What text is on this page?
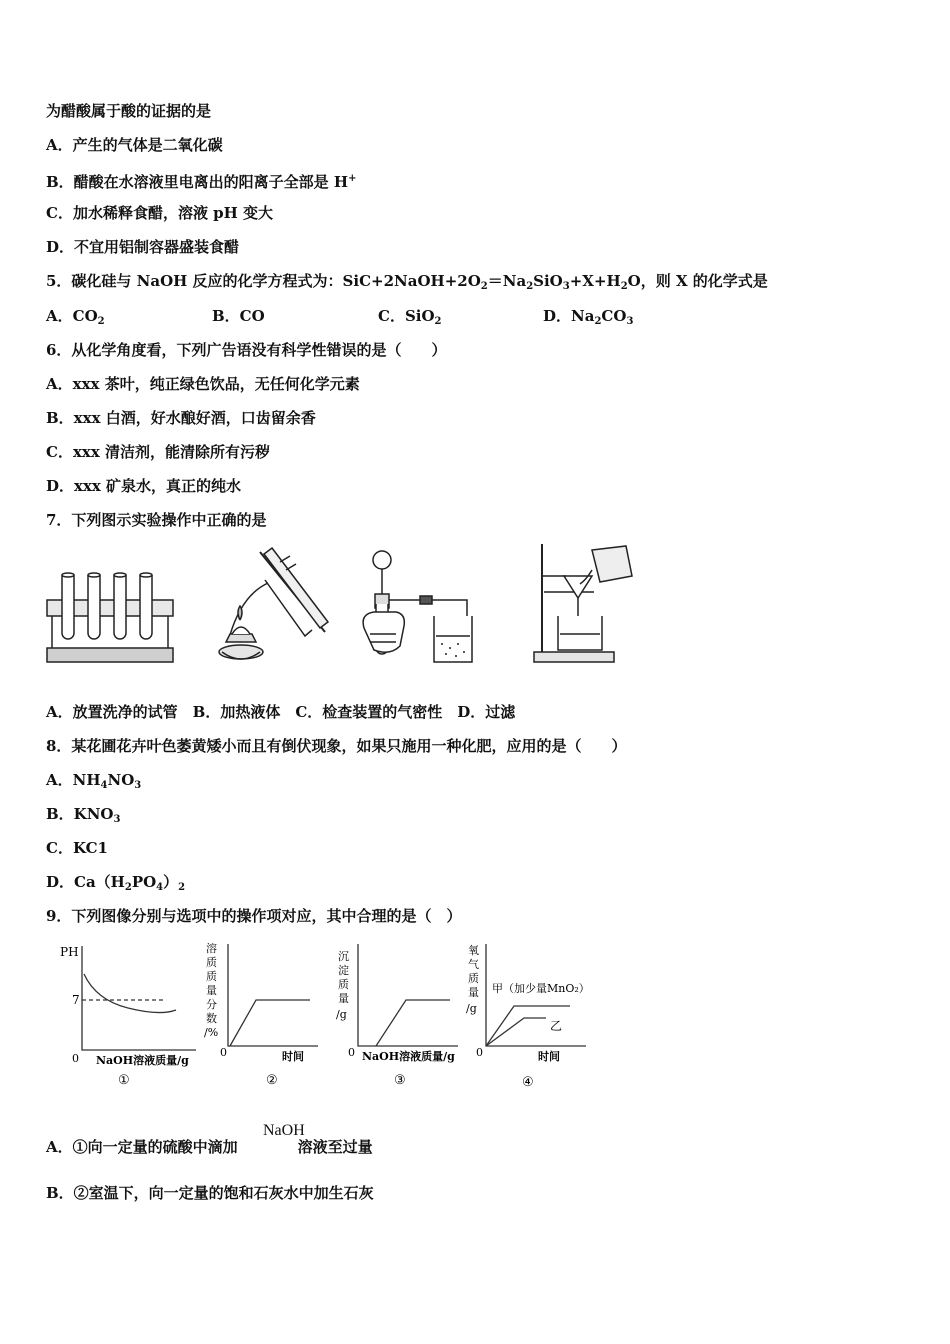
为醋酸属于酸的证据的是
A．产生的气体是二氧化碳
B．醋酸在水溶液里电离出的阳离子全部是 H+
C．加水稀释食醋，溶液 pH 变大
D．不宜用铝制容器盛装食醋
5．碳化硅与 NaOH 反应的化学方程式为：$SiC+2NaOH+2O_2=Na_2SiO_3+X+H_2O$，则 X 的化学式是
A．$CO_2$	B．CO	C．SiO$_2$	D．$Na_2CO_3$
6．从化学角度看，下列广告语没有科学性错误的是（　　）
A．xxx 茶叶，纯正绿色饮品，无任何化学元素
B．xxx 白酒，好水酿好酒，口齿留余香
C．xxx 清洁剂，能清除所有污秽
D．xxx 矿泉水，真正的纯水
7．下列图示实验操作中正确的是
A．放置洗净的试管　B．加热液体　C．检查装置的气密性　D．过滤
8．某花圃花卉叶色萎黄矮小而且有倒伏现象，如果只施用一种化肥，应用的是（　　）
A．$NH_4NO_3$
B．$KNO_3$
C．KC1
D．$Ca(H_2PO_4)_2$
9．下列图像分别与选项中的操作项对应，其中合理的是（　）
PH
7
0 NaOH溶液质量/g
①
溶质质量分数/%
0	时间
②
沉淀质量/g
0 NaOH溶液质量/g
③
氧气质量/g
甲（加少量MnO₂）
乙
0	时间
④
A．①向一定量的硫酸中滴加	溶液至过量
NaOH
B．②室温下，向一定量的饱和石灰水中加生石灰
